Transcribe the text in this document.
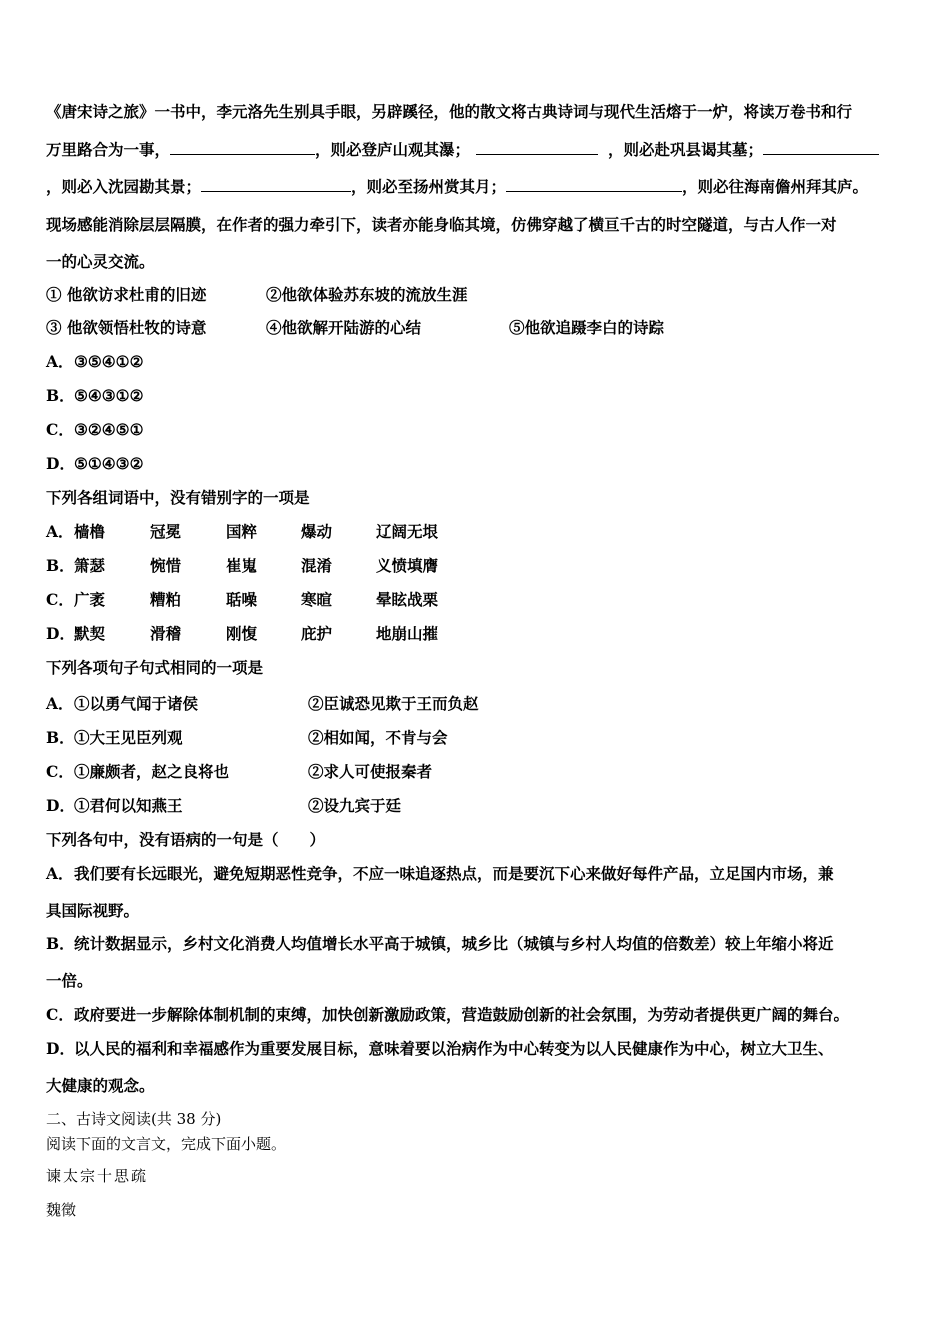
《唐宋诗之旅》一书中，李元洛先生别具手眼，另辟蹊径，他的散文将古典诗词与现代生活熔于一炉，将读万卷书和行
万里路合为一事，	，则必登庐山观其瀑；	，则必赴巩县谒其墓；
，则必入沈园勘其景；	，则必至扬州赏其月；	，则必往海南儋州拜其庐。
现场感能消除层层隔膜，在作者的强力牵引下，读者亦能身临其境，仿佛穿越了横亘千古的时空隧道，与古人作一对
一的心灵交流。
① 他欲访求杜甫的旧迹	②他欲体验苏东坡的流放生涯
③ 他欲领悟杜牧的诗意	④他欲解开陆游的心结	⑤他欲追蹑李白的诗踪
A．③⑤④①②
B．⑤④③①②
C．③②④⑤①
D．⑤①④③②
下列各组词语中，没有错别字的一项是
A． 樯橹	冠冕	国粹	爆动	辽阔无垠
B． 箫瑟	惋惜	崔嵬	混淆	义愤填膺
C． 广袤	糟粕	聒噪	寒暄	晕眩战栗
D． 默契	滑稽	刚愎	庇护	地崩山摧
下列各项句子句式相同的一项是
A． ①以勇气闻于诸侯	②臣诚恐见欺于王而负赵
B． ①大王见臣列观	②相如闻，不肯与会
C． ①廉颇者，赵之良将也	②求人可使报秦者
D． ①君何以知燕王	②设九宾于廷
下列各句中，没有语病的一句是（　　）
A．我们要有长远眼光，避免短期恶性竞争，不应一味追逐热点，而是要沉下心来做好每件产品，立足国内市场，兼
具国际视野。
B．统计数据显示，乡村文化消费人均值增长水平高于城镇，城乡比（城镇与乡村人均值的倍数差）较上年缩小将近
一倍。
C．政府要进一步解除体制机制的束缚，加快创新激励政策，营造鼓励创新的社会氛围，为劳动者提供更广阔的舞台。
D．以人民的福利和幸福感作为重要发展目标，意味着要以治病作为中心转变为以人民健康作为中心，树立大卫生、
大健康的观念。
二、古诗文阅读(共 38 分)
阅读下面的文言文，完成下面小题。
谏太宗十思疏
魏徵
